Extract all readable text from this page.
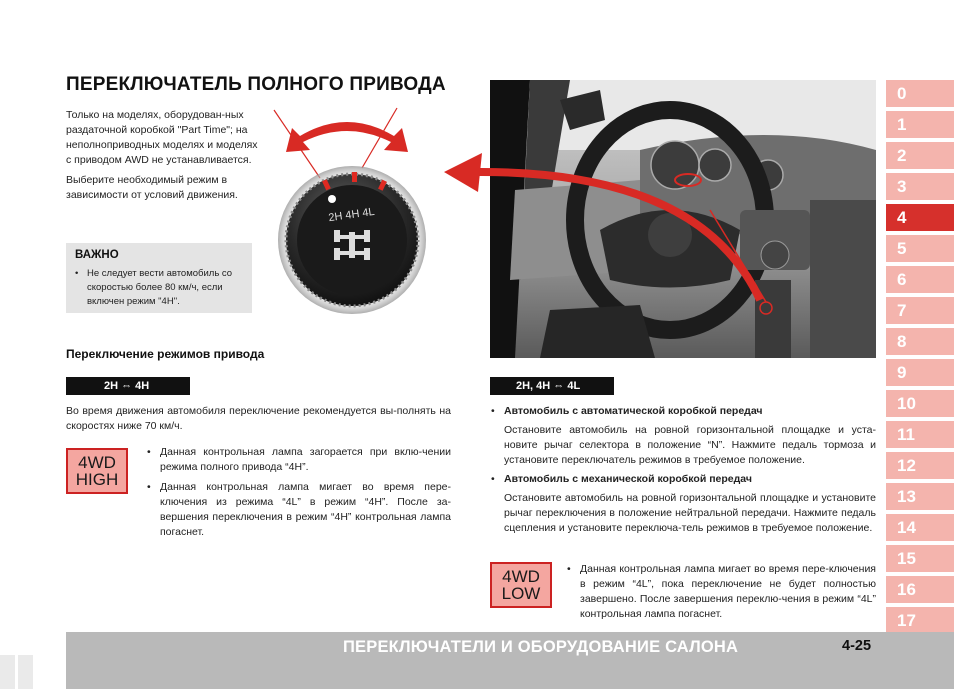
ПЕРЕКЛЮЧАТЕЛЬ ПОЛНОГО ПРИВОДА

Только на моделях, оборудован-ных раздаточной коробкой "Part Time"; на неполноприводных моделях и моделях с приводом AWD не устанавливается.

Выберите необходимый режим в зависимости от условий движения.

ВАЖНО
• Не следует вести автомобиль со скоростью более 80 км/ч, если включен режим "4H".
2H 4H 4L
Переключение режимов привода
2H ⇔ 4H
Во время движения автомобиля переключение рекомендуется вы-полнять на скоростях ниже 70 км/ч.
4WD
HIGH
• Данная контрольная лампа загорается при вклю-чении режима полного привода “4H”.
• Данная контрольная лампа мигает во время пере-ключения из режима “4L” в режим “4H”. После за-вершения переключения в режим “4H” контрольная лампа погаснет.
2H, 4H ⇔ 4L
• Автомобиль с автоматической коробкой передач
Остановите автомобиль на ровной горизонтальной площадке и уста-новите рычаг селектора в положение “N”. Нажмите педаль тормоза и установите переключатель режимов в требуемое положение.
• Автомобиль с механической коробкой передач
Остановите автомобиль на ровной горизонтальной площадке и установите рычаг переключения в положение нейтральной передачи. Нажмите педаль сцепления и установите переключа-тель режимов в требуемое положение.
4WD
LOW
• Данная контрольная лампа мигает во время пере-ключения в режим “4L”, пока переключение не будет полностью завершено. После завершения переклю-чения в режим “4L” контрольная лампа погаснет.
0
1
2
3
4
5
6
7
8
9
10
11
12
13
14
15
16
17
ПЕРЕКЛЮЧАТЕЛИ И ОБОРУДОВАНИЕ САЛОНА	4-25
